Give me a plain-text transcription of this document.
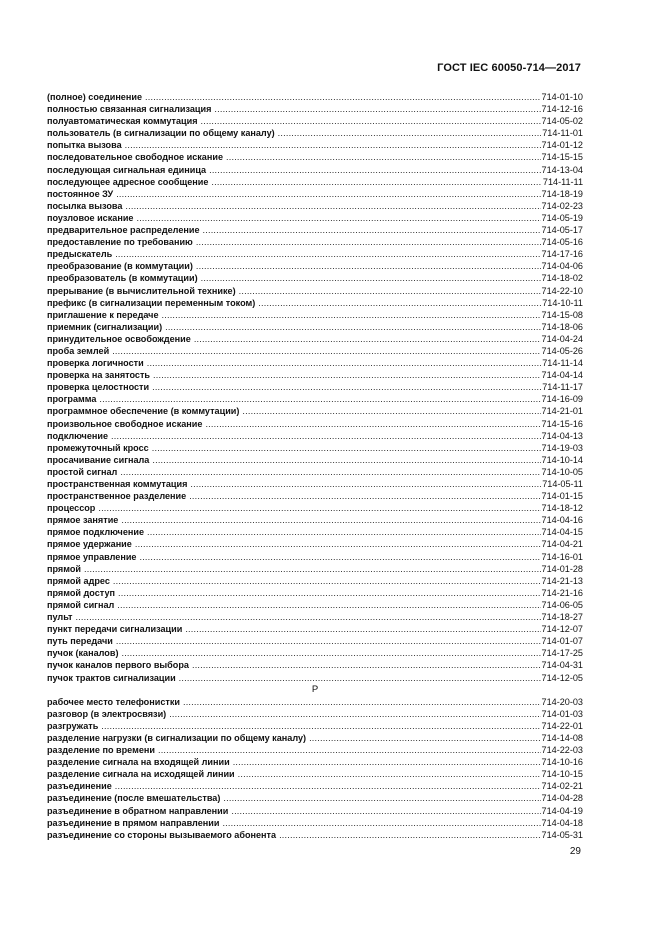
ГОСТ IEC 60050-714—2017
(полное) соединение .....	714-01-10
полностью связанная сигнализация .....	714-12-16
полуавтоматическая коммутация .....	714-05-02
пользователь (в сигнализации по общему каналу) .....	714-11-01
попытка вызова .....	714-01-12
последовательное свободное искание .....	714-15-15
последующая сигнальная единица .....	714-13-04
последующее адресное сообщение .....	714-11-11
постоянное ЗУ .....	714-18-19
посылка вызова .....	714-02-23
поузловое искание .....	714-05-19
предварительное распределение .....	714-05-17
предоставление по требованию .....	714-05-16
предыскатель .....	714-17-16
преобразование (в коммутации) .....	714-04-06
преобразователь (в коммутации) .....	714-18-02
прерывание (в вычислительной технике) .....	714-22-10
префикс (в сигнализации переменным током) .....	714-10-11
приглашение к передаче .....	714-15-08
приемник (сигнализации) .....	714-18-06
принудительное освобождение .....	714-04-24
проба землей .....	714-05-26
проверка логичности .....	714-11-14
проверка на занятость .....	714-04-14
проверка целостности .....	714-11-17
программа .....	714-16-09
программное обеспечение (в коммутации) .....	714-21-01
произвольное свободное искание .....	714-15-16
подключение .....	714-04-13
промежуточный кросс .....	714-19-03
просачивание сигнала .....	714-10-14
простой сигнал .....	714-10-05
пространственная коммутация .....	714-05-11
пространственное разделение .....	714-01-15
процессор .....	714-18-12
прямое занятие .....	714-04-16
прямое подключение .....	714-04-15
прямое удержание .....	714-04-21
прямое управление .....	714-16-01
прямой .....	714-01-28
прямой адрес .....	714-21-13
прямой доступ .....	714-21-16
прямой сигнал .....	714-06-05
пульт .....	714-18-27
пункт передачи сигнализации .....	714-12-07
путь передачи .....	714-01-07
пучок (каналов) .....	714-17-25
пучок каналов первого выбора .....	714-04-31
пучок трактов сигнализации .....	714-12-05
Р
рабочее место телефонистки .....	714-20-03
разговор (в электросвязи) .....	714-01-03
разгружать .....	714-22-01
разделение нагрузки (в сигнализации по общему каналу) .....	714-14-08
разделение по времени .....	714-22-03
разделение сигнала на входящей линии .....	714-10-16
разделение сигнала на исходящей линии .....	714-10-15
разъединение .....	714-02-21
разъединение (после вмешательства) .....	714-04-28
разъединение в обратном направлении .....	714-04-19
разъединение в прямом направлении .....	714-04-18
разъединение со стороны вызываемого абонента .....	714-05-31
29
